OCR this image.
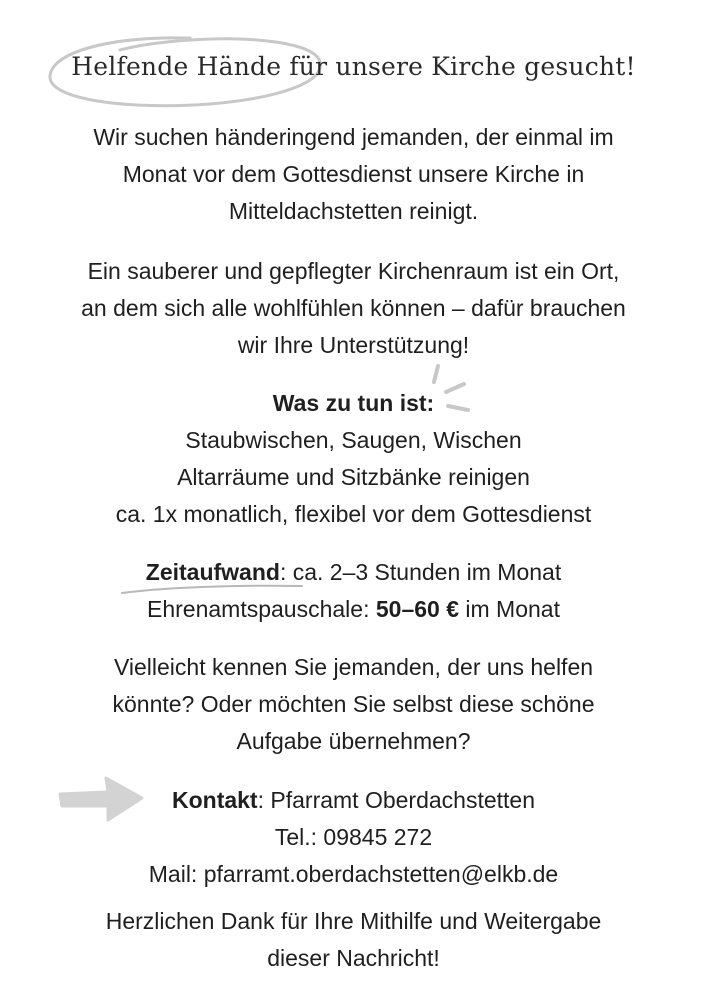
Helfende Hände für unsere Kirche gesucht!

Wir suchen händeringend jemanden, der einmal im
Monat vor dem Gottesdienst unsere Kirche in
Mitteldachstetten reinigt.

Ein sauberer und gepflegter Kirchenraum ist ein Ort,
an dem sich alle wohlfühlen können – dafür brauchen
wir Ihre Unterstützung!

Was zu tun ist:
Staubwischen, Saugen, Wischen
Altarräume und Sitzbänke reinigen
ca. 1x monatlich, flexibel vor dem Gottesdienst

Zeitaufwand
: ca. 2–3 Stunden im Monat
Ehrenamtspauschale: 50–60 € im Monat

Vielleicht kennen Sie jemanden, der uns helfen
könnte? Oder möchten Sie selbst diese schöne
Aufgabe übernehmen?

Kontakt: Pfarramt Oberdachstetten
Tel.: 09845 272
Mail: pfarramt.oberdachstetten@elkb.de

Herzlichen Dank für Ihre Mithilfe und Weitergabe
dieser Nachricht!
